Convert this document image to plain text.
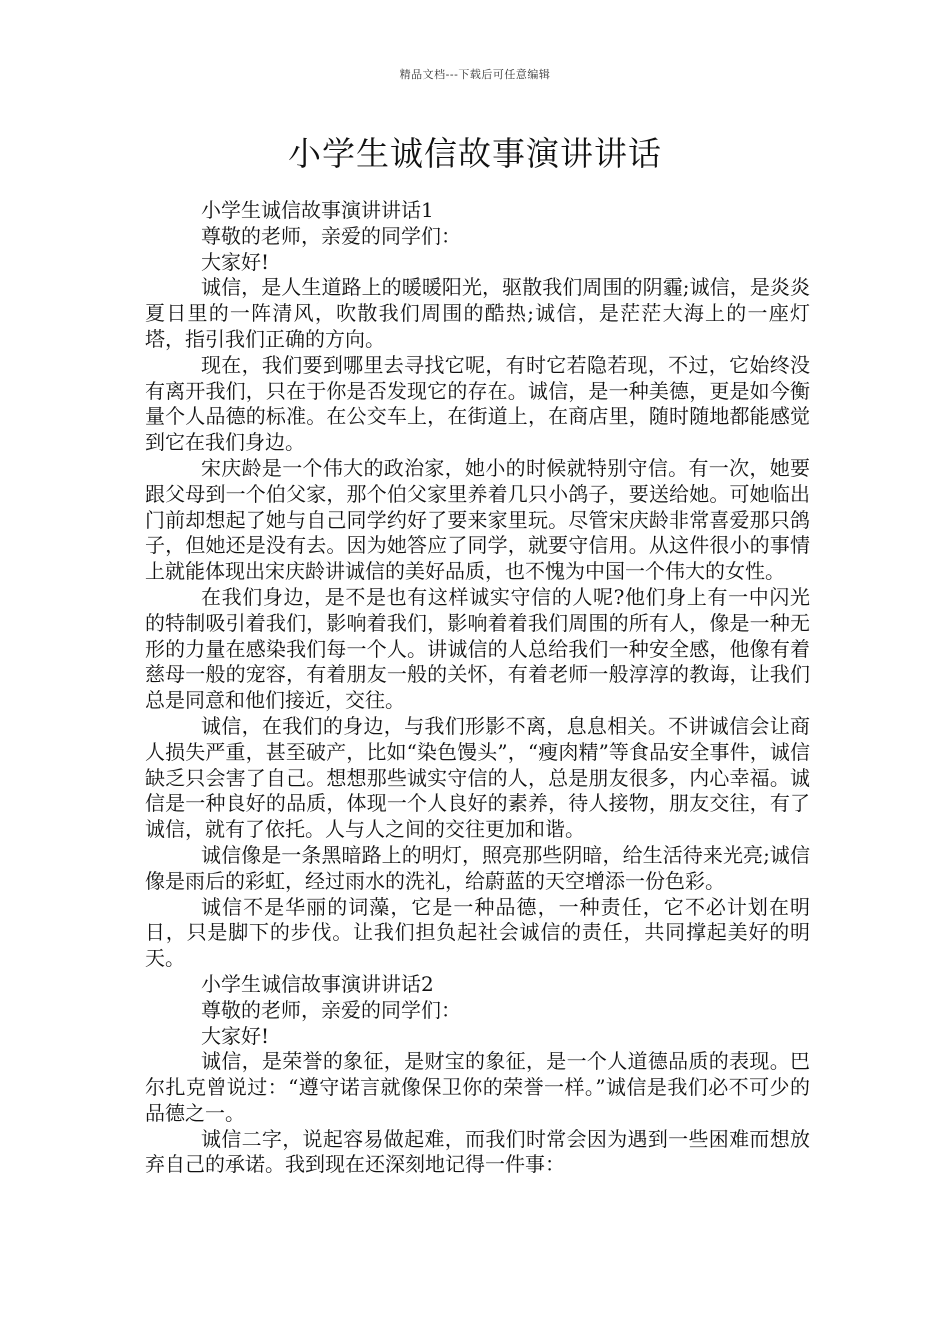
精品文档---下载后可任意编辑
小学生诚信故事演讲讲话

小学生诚信故事演讲讲话1

尊敬的老师，亲爱的同学们：

大家好!

诚信，是人生道路上的暖暖阳光，驱散我们周围的阴霾;诚信，是炎炎夏日里的一阵清风，吹散我们周围的酷热;诚信，是茫茫大海上的一座灯塔，指引我们正确的方向。

现在，我们要到哪里去寻找它呢，有时它若隐若现，不过，它始终没有离开我们，只在于你是否发现它的存在。诚信，是一种美德，更是如今衡量个人品德的标准。在公交车上，在街道上，在商店里，随时随地都能感觉到它在我们身边。

宋庆龄是一个伟大的政治家，她小的时候就特别守信。有一次，她要跟父母到一个伯父家，那个伯父家里养着几只小鸽子，要送给她。可她临出门前却想起了她与自己同学约好了要来家里玩。尽管宋庆龄非常喜爱那只鸽子，但她还是没有去。因为她答应了同学，就要守信用。从这件很小的事情上就能体现出宋庆龄讲诚信的美好品质，也不愧为中国一个伟大的女性。

在我们身边，是不是也有这样诚实守信的人呢?他们身上有一中闪光的特制吸引着我们，影响着我们，影响着着我们周围的所有人，像是一种无形的力量在感染我们每一个人。讲诚信的人总给我们一种安全感，他像有着慈母一般的宠容，有着朋友一般的关怀，有着老师一般淳淳的教诲，让我们总是同意和他们接近，交往。

诚信，在我们的身边，与我们形影不离，息息相关。不讲诚信会让商人损失严重，甚至破产，比如“染色馒头”，“瘦肉精”等食品安全事件，诚信缺乏只会害了自己。想想那些诚实守信的人，总是朋友很多，内心幸福。诚信是一种良好的品质，体现一个人良好的素养，待人接物，朋友交往，有了诚信，就有了依托。人与人之间的交往更加和谐。

诚信像是一条黑暗路上的明灯，照亮那些阴暗，给生活待来光亮;诚信像是雨后的彩虹，经过雨水的洗礼，给蔚蓝的天空增添一份色彩。

诚信不是华丽的词藻，它是一种品德，一种责任，它不必计划在明日，只是脚下的步伐。让我们担负起社会诚信的责任，共同撑起美好的明天。

小学生诚信故事演讲讲话2

尊敬的老师，亲爱的同学们：

大家好!

诚信，是荣誉的象征，是财宝的象征，是一个人道德品质的表现。巴尔扎克曾说过：“遵守诺言就像保卫你的荣誉一样。”诚信是我们必不可少的品德之一。

诚信二字，说起容易做起难，而我们时常会因为遇到一些困难而想放弃自己的承诺。我到现在还深刻地记得一件事：
